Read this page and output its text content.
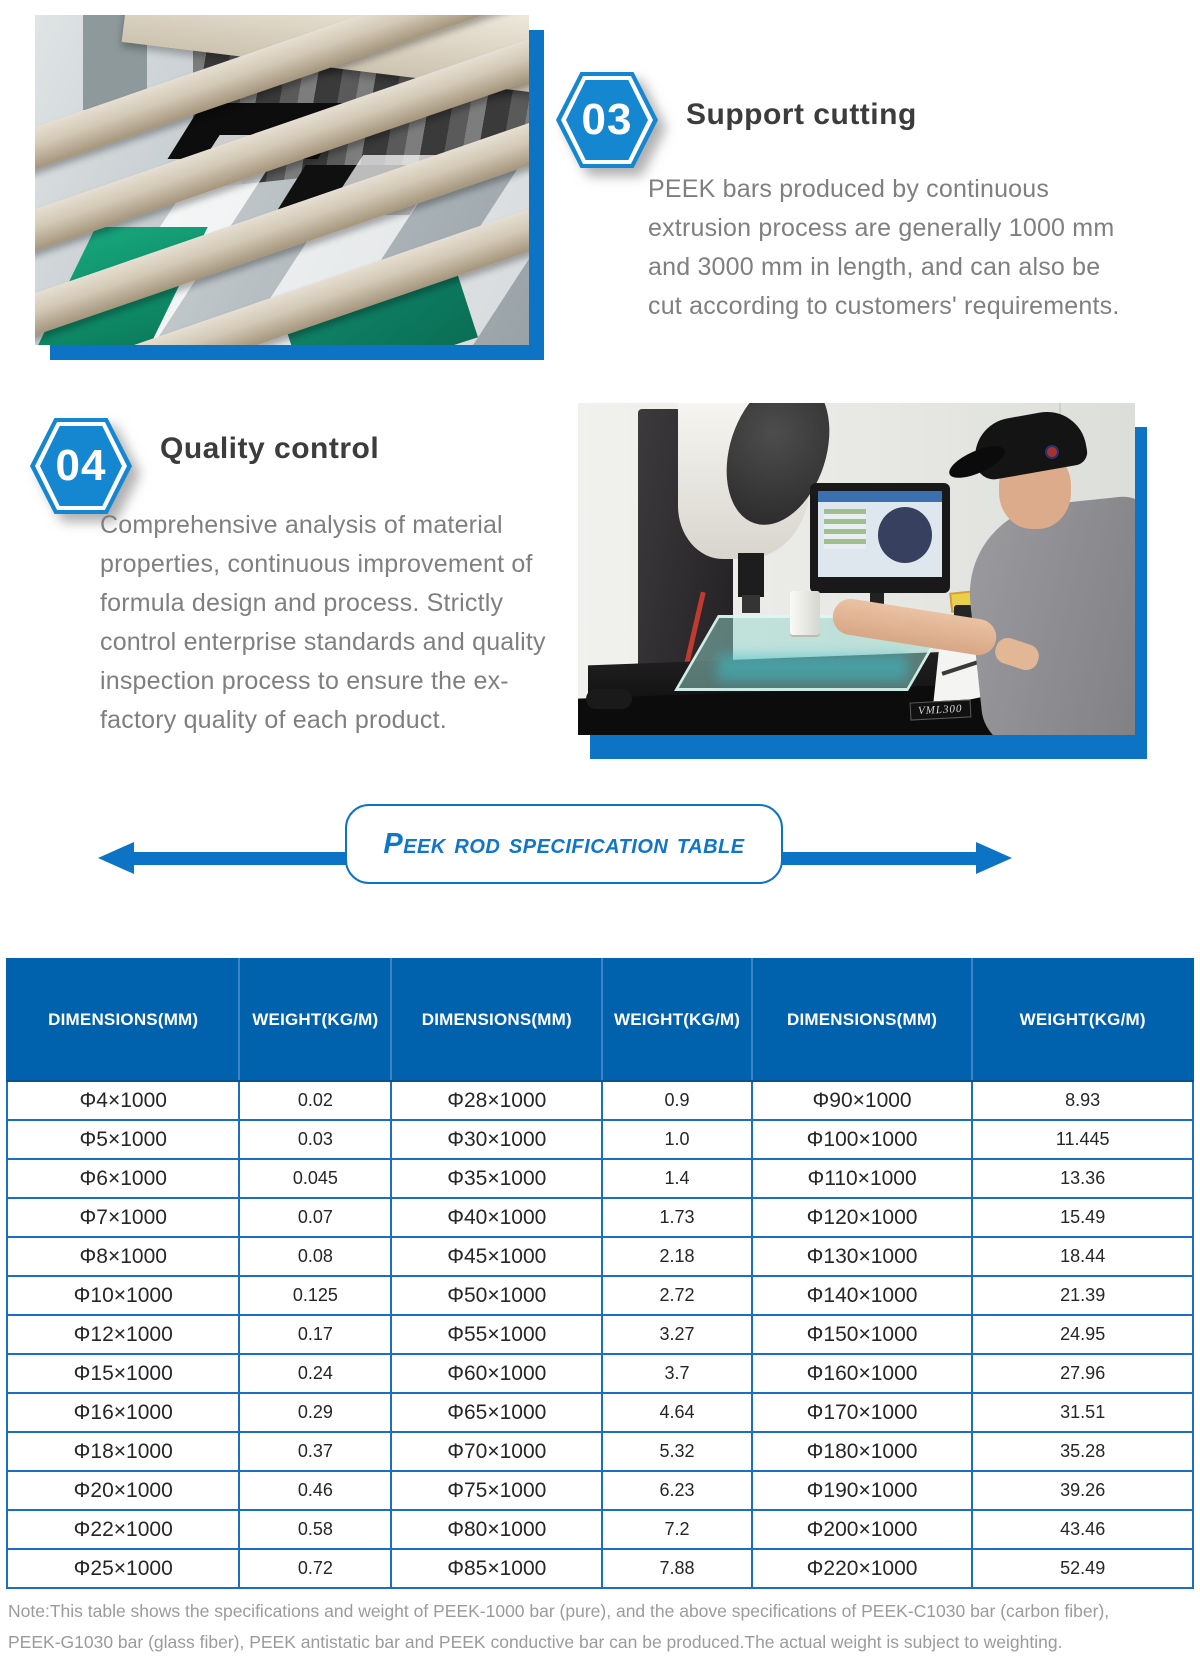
03	Support cutting

PEEK bars produced by continuous extrusion process are generally 1000 mm and 3000 mm in length, and can also be cut according to customers' requirements.

04	Quality control

Comprehensive analysis of material properties, continuous improvement of formula design and process. Strictly control enterprise standards and quality inspection process to ensure the ex-factory quality of each product.	VML300
Peek rod specification table
DIMENSIONS(MM)	WEIGHT(KG/M)	DIMENSIONS(MM)	WEIGHT(KG/M)	DIMENSIONS(MM)	WEIGHT(KG/M)
Φ4×1000	0.02	Φ28×1000	0.9	Φ90×1000	8.93
Φ5×1000	0.03	Φ30×1000	1.0	Φ100×1000	11.445
Φ6×1000	0.045	Φ35×1000	1.4	Φ110×1000	13.36
Φ7×1000	0.07	Φ40×1000	1.73	Φ120×1000	15.49
Φ8×1000	0.08	Φ45×1000	2.18	Φ130×1000	18.44
Φ10×1000	0.125	Φ50×1000	2.72	Φ140×1000	21.39
Φ12×1000	0.17	Φ55×1000	3.27	Φ150×1000	24.95
Φ15×1000	0.24	Φ60×1000	3.7	Φ160×1000	27.96
Φ16×1000	0.29	Φ65×1000	4.64	Φ170×1000	31.51
Φ18×1000	0.37	Φ70×1000	5.32	Φ180×1000	35.28
Φ20×1000	0.46	Φ75×1000	6.23	Φ190×1000	39.26
Φ22×1000	0.58	Φ80×1000	7.2	Φ200×1000	43.46
Φ25×1000	0.72	Φ85×1000	7.88	Φ220×1000	52.49

Note:This table shows the specifications and weight of PEEK-1000 bar (pure), and the above specifications of PEEK-C1030 bar (carbon fiber),
PEEK-G1030 bar (glass fiber), PEEK antistatic bar and PEEK conductive bar can be produced.The actual weight is subject to weighting.
